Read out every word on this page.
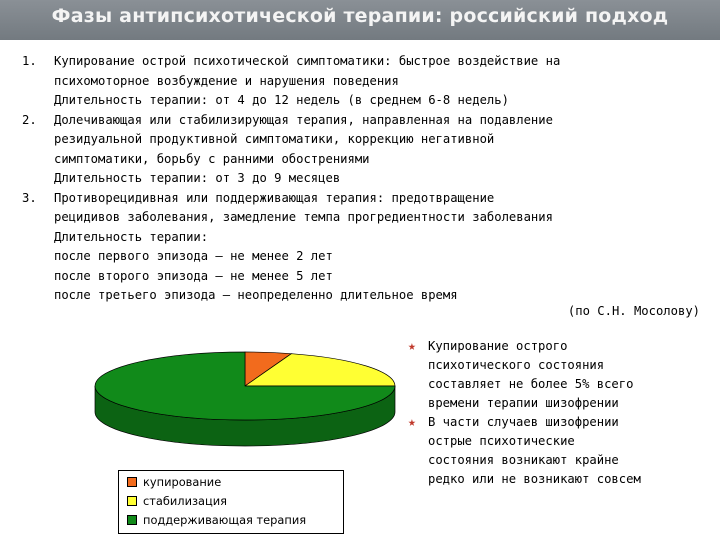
Фазы антипсихотической терапии: российский подход
1. Купирование острой психотической симптоматики: быстрое воздействие на
психомоторное возбуждение и нарушения поведения
Длительность терапии: от 4 до 12 недель (в среднем 6-8 недель)
2. Долечивающая или стабилизирующая терапия, направленная на подавление
резидуальной продуктивной симптоматики, коррекцию негативной
симптоматики, борьбу с ранними обострениями
Длительность терапии: от 3 до 9 месяцев
3. Противорецидивная или поддерживающая терапия: предотвращение
рецидивов заболевания, замедление темпа прогредиентности заболевания
Длительность терапии:
после первого эпизода – не менее 2 лет
после второго эпизода – не менее 5 лет
после третьего эпизода – неопределенно длительное время
(по С.Н. Мосолову)
купирование
стабилизация
поддерживающая терапия
★ Купирование острого
психотического состояния
составляет не более 5% всего
времени терапии шизофрении
★ В части случаев шизофрении
острые психотические
состояния возникают крайне
редко или не возникают совсем
